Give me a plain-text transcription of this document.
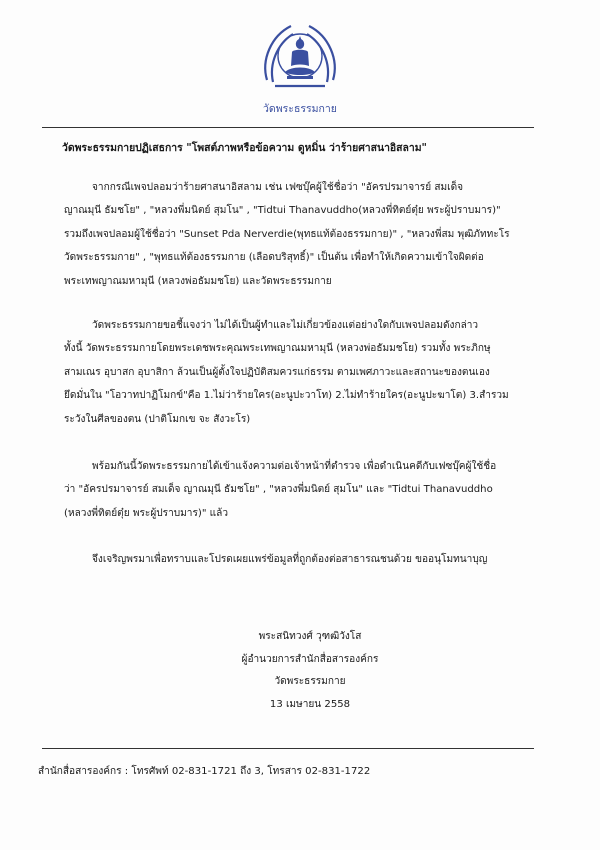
วัดพระธรรมกาย
วัดพระธรรมกายปฏิเสธการ "โพสต์ภาพหรือข้อความ ดูหมิ่น ว่าร้ายศาสนาอิสลาม"
จากกรณีเพจปลอมว่าร้ายศาสนาอิสลาม เช่น เฟซบุ๊คผู้ใช้ชื่อว่า "อัครปรมาจารย์ สมเด็จ
ญาณมุนี ธัมชโย" , "หลวงพี่มนิตย์ สุมโน" , "Tidtui Thanavuddho(หลวงพี่ทิตย์ตุ๋ย พระผู้ปราบมาร)"
รวมถึงเพจปลอมผู้ใช้ชื่อว่า "Sunset Pda Nerverdie(พุทธแท้ต้องธรรมกาย)" , "หลวงพี่สม พุฒิภัททะโร
วัดพระธรรมกาย" , "พุทธแท้ต้องธรรมกาย (เลือดบริสุทธิ์)" เป็นต้น เพื่อทำให้เกิดความเข้าใจผิดต่อ
พระเทพญาณมหามุนี (หลวงพ่อธัมมชโย) และวัดพระธรรมกาย
วัดพระธรรมกายขอชี้แจงว่า ไม่ได้เป็นผู้ทำและไม่เกี่ยวข้องแต่อย่างใดกับเพจปลอมดังกล่าว
ทั้งนี้ วัดพระธรรมกายโดยพระเดชพระคุณพระเทพญาณมหามุนี (หลวงพ่อธัมมชโย) รวมทั้ง พระภิกษุ
สามเณร อุบาสก อุบาสิกา ล้วนเป็นผู้ตั้งใจปฏิบัติสมควรแก่ธรรม ตามเพศภาวะและสถานะของตนเอง
ยึดมั่นใน "โอวาทปาฏิโมกข์"คือ 1.ไม่ว่าร้ายใคร(อะนูปะวาโท) 2.ไม่ทำร้ายใคร(อะนูปะฆาโต) 3.สำรวม
ระวังในศีลของตน (ปาติโมกเข จะ สังวะโร)
พร้อมกันนี้วัดพระธรรมกายได้เข้าแจ้งความต่อเจ้าหน้าที่ตำรวจ เพื่อดำเนินคดีกับเฟซบุ๊คผู้ใช้ชื่อ
ว่า "อัครปรมาจารย์ สมเด็จ ญาณมุนี ธัมชโย" , "หลวงพี่มนิตย์ สุมโน" และ "Tidtui Thanavuddho
(หลวงพี่ทิตย์ตุ๋ย พระผู้ปราบมาร)" แล้ว
จึงเจริญพรมาเพื่อทราบและโปรดเผยแพร่ข้อมูลที่ถูกต้องต่อสาธารณชนด้วย ขออนุโมทนาบุญ
พระสนิทวงศ์ วุฑฒิวังโส
ผู้อำนวยการสำนักสื่อสารองค์กร
วัดพระธรรมกาย
13 เมษายน 2558
สำนักสื่อสารองค์กร : โทรศัพท์ 02-831-1721 ถึง 3, โทรสาร 02-831-1722
